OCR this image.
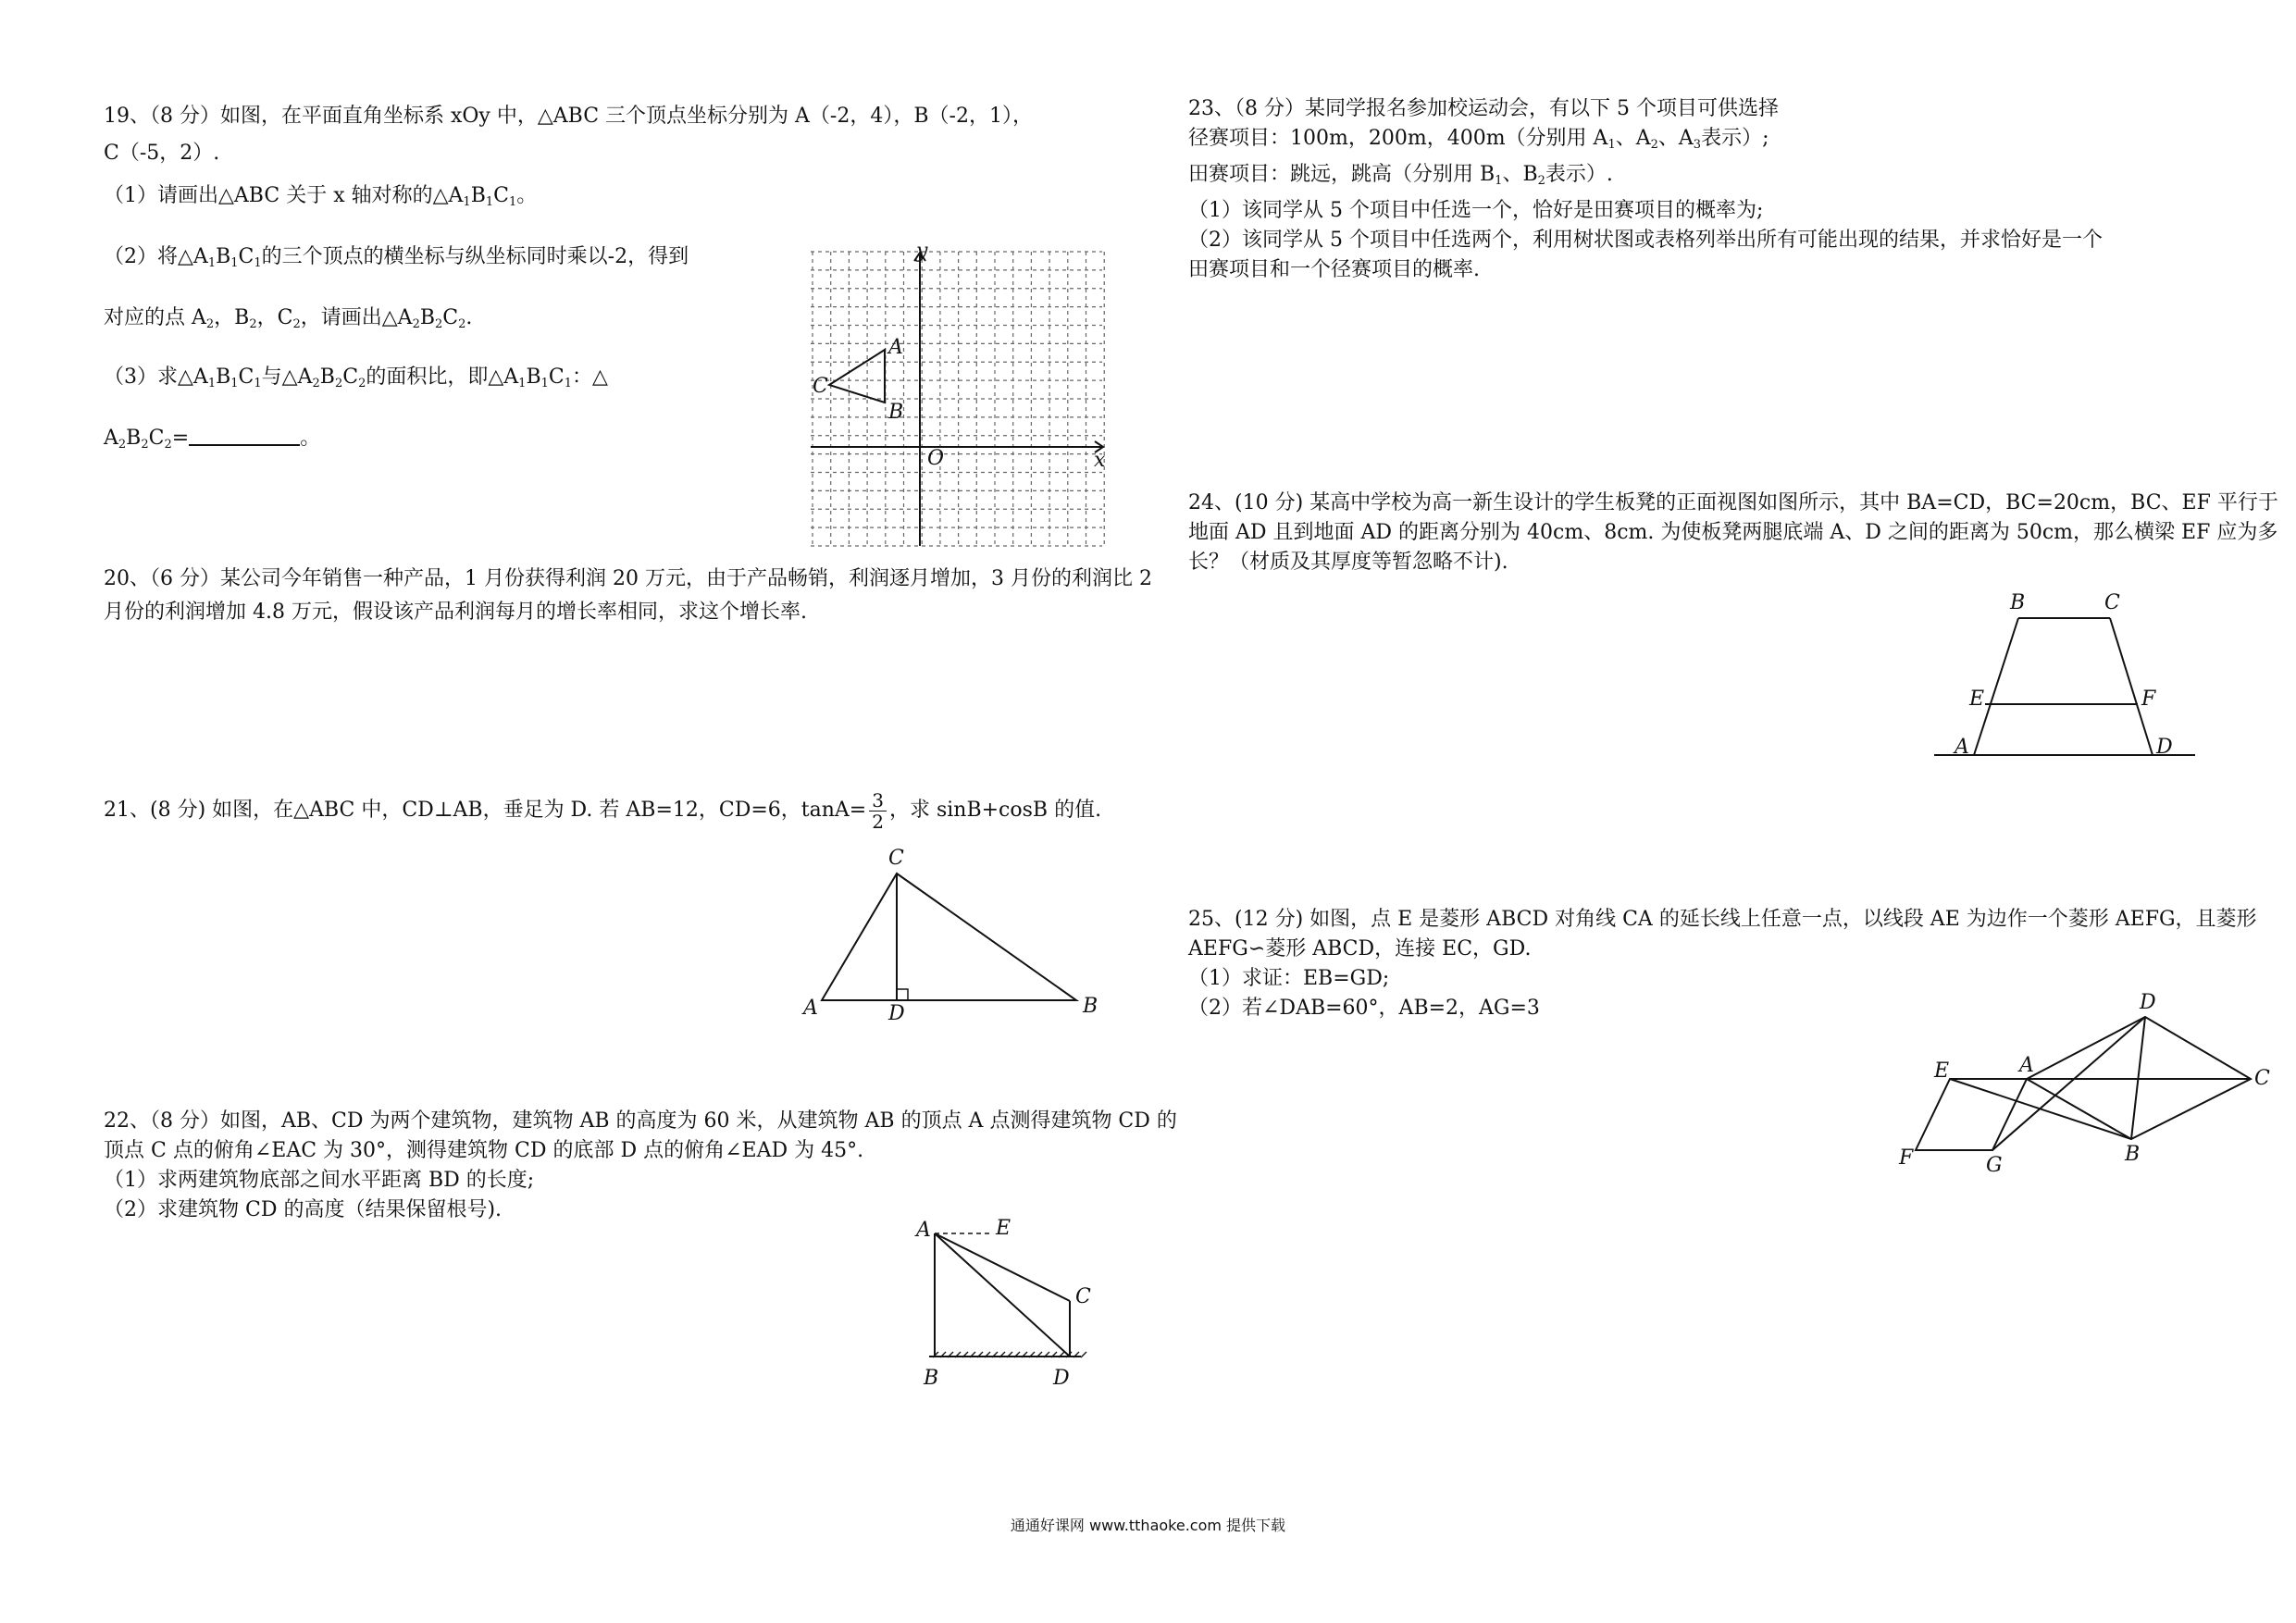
19、（8 分）如图，在平面直角坐标系 xOy 中，△ABC 三个顶点坐标分别为 A（-2，4），B（-2，1），
C（-5，2）.
（1）请画出△ABC 关于 x 轴对称的$\triangle A_1B_1C_1$。
（2）将$\triangle A_1B_1C_1$的三个顶点的横坐标与纵坐标同时乘以-2，得到
对应的点 $A_2$，$B_2$，$C_2$，请画出$\triangle A_2B_2C_2$.
（3）求$\triangle A_1B_1C_1$与$\triangle A_2B_2C_2$的面积比，即$\triangle A_1B_1C_1$：△
$A_2B_2C_2=$	。
y
x
O
A
B
C
20、（6 分）某公司今年销售一种产品，1 月份获得利润 20 万元，由于产品畅销，利润逐月增加，3 月份的利润比 2
月份的利润增加 4.8 万元，假设该产品利润每月的增长率相同，求这个增长率.
21、(8 分) 如图，在△ABC 中，CD⊥AB，垂足为 D. 若 AB=12，CD=6，$\tan A= \frac{3}{2}$ ，求 sinB+cosB 的值.
A
C
D	B
22、（8 分）如图，AB、CD 为两个建筑物，建筑物 AB 的高度为 60 米，从建筑物 AB 的顶点 A 点测得建筑物 CD 的
顶点 C 点的俯角∠EAC 为 30°，测得建筑物 CD 的底部 D 点的俯角∠EAD 为 45°.
（1）求两建筑物底部之间水平距离 BD 的长度;
（2）求建筑物 CD 的高度（结果保留根号).
A	E
C
B	D
23、（8 分）某同学报名参加校运动会，有以下 5 个项目可供选择
径赛项目：100m，200m，400m（分别用 $A_1$、$A_2$、$A_3$表示）;
田赛项目：跳远，跳高（分别用 $B_1$、$B_2$表示）.
（1）该同学从 5 个项目中任选一个，恰好是田赛项目的概率为;
（2）该同学从 5 个项目中任选两个，利用树状图或表格列举出所有可能出现的结果，并求恰好是一个
田赛项目和一个径赛项目的概率.
24、(10 分) 某高中学校为高一新生设计的学生板凳的正面视图如图所示，其中 BA=CD，BC=20cm，BC、EF 平行于
地面 AD 且到地面 AD 的距离分别为 40cm、8cm. 为使板凳两腿底端 A、D 之间的距离为 50cm，那么横梁 EF 应为多
长？（材质及其厚度等暂忽略不计).
B	C
E	F
A	D
25、(12 分) 如图，点 E 是菱形 ABCD 对角线 CA 的延长线上任意一点，以线段 AE 为边作一个菱形 AEFG，且菱形
AEFG∽菱形 ABCD，连接 EC，GD.
（1）求证：EB=GD;
（2）若∠DAB=60°，AB=2，AG=3	D
E	A
C
B
F	G
通通好课网 www.tthaoke.com 提供下载
